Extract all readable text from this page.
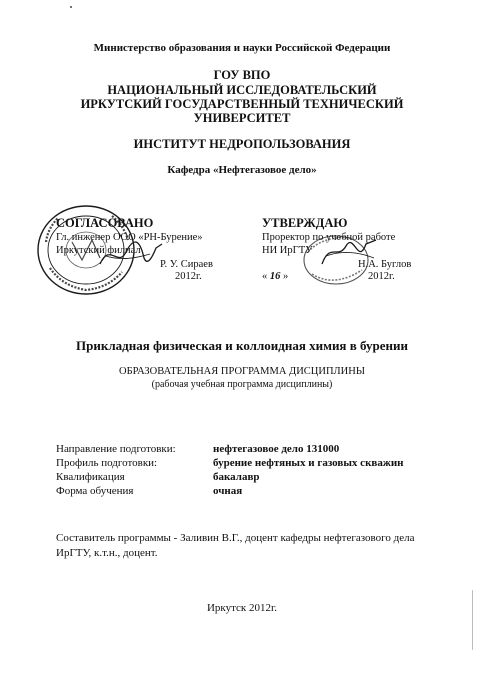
Министерство образования и науки Российской Федерации
ГОУ ВПО
НАЦИОНАЛЬНЫЙ ИССЛЕДОВАТЕЛЬСКИЙ
ИРКУТСКИЙ ГОСУДАРСТВЕННЫЙ ТЕХНИЧЕСКИЙ
УНИВЕРСИТЕТ
ИНСТИТУТ НЕДРОПОЛЬЗОВАНИЯ
Кафедра «Нефтегазовое дело»
СОГЛАСОВАНО
Гл. инженер ООО «РН-Бурение»
Иркутский филиал
Р. У. Сираев
2012г.
УТВЕРЖДАЮ
Проректор по учебной работе
НИ ИрГТУ
Н.А. Буглов
« 16 »	2012г.
Прикладная физическая и коллоидная химия в бурении
ОБРАЗОВАТЕЛЬНАЯ ПРОГРАММА ДИСЦИПЛИНЫ
(рабочая учебная программа дисциплины)
Направление подготовки:	нефтегазовое дело 131000
Профиль подготовки:	бурение нефтяных и газовых скважин
Квалификация	бакалавр
Форма обучения	очная
Составитель программы - Заливин В.Г., доцент кафедры нефтегазового дела
ИрГТУ, к.т.н., доцент.
Иркутск 2012г.
